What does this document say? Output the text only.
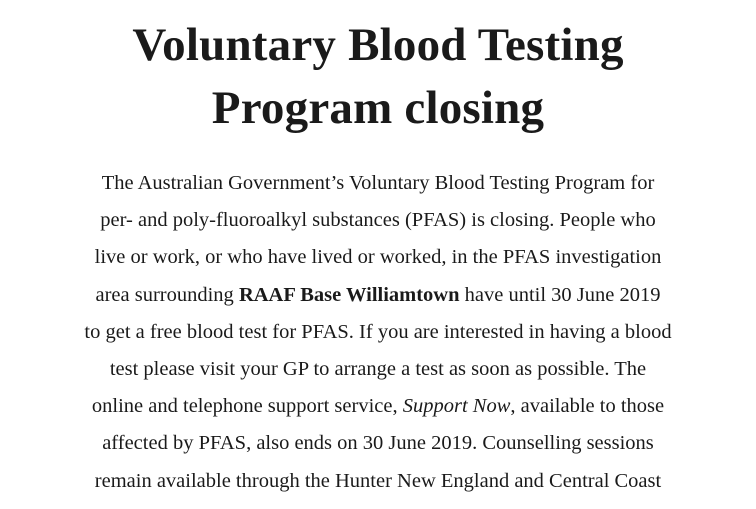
Voluntary Blood Testing
Program closing
The Australian Government’s Voluntary Blood Testing Program for
per- and poly-fluoroalkyl substances (PFAS) is closing. People who
live or work, or who have lived or worked, in the PFAS investigation
area surrounding RAAF Base Williamtown have until 30 June 2019
to get a free blood test for PFAS. If you are interested in having a blood
test please visit your GP to arrange a test as soon as possible. The
online and telephone support service, Support Now, available to those
affected by PFAS, also ends on 30 June 2019. Counselling sessions
remain available through the Hunter New England and Central Coast
